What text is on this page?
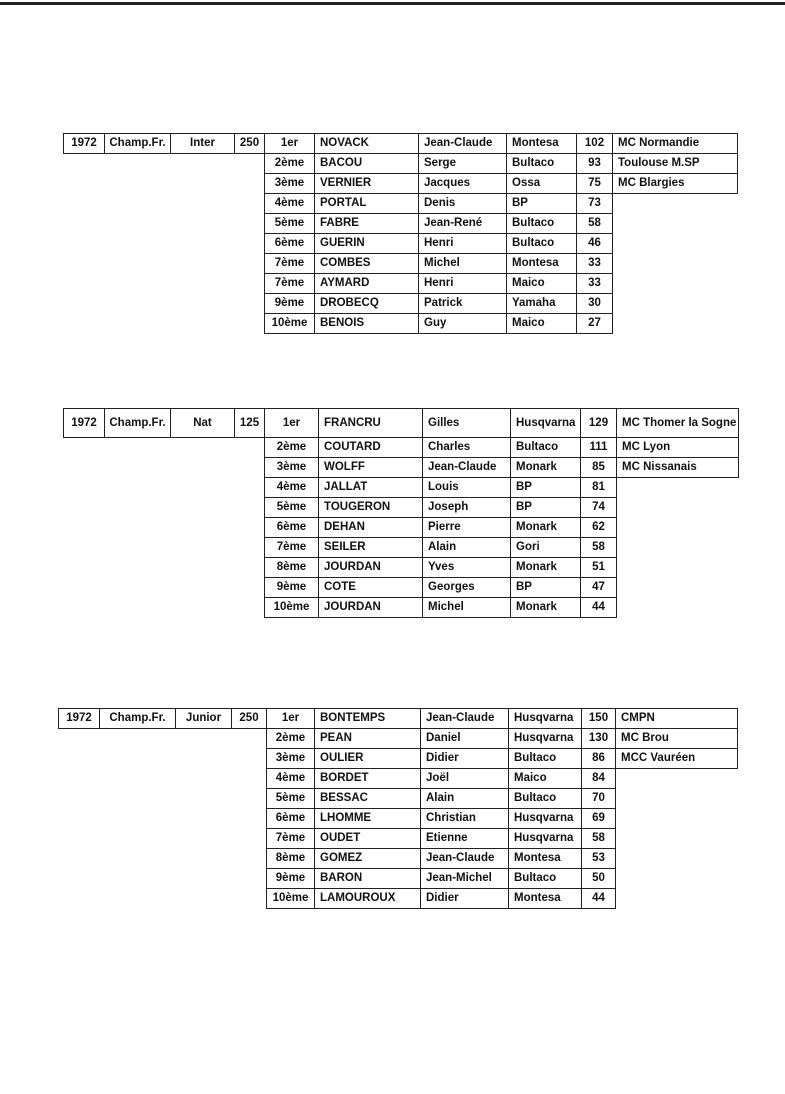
1972	Champ.Fr.	Inter	250	1er	NOVACK	Jean-Claude	Montesa	102	MC Normandie
				2ème	BACOU	Serge	Bultaco	93	Toulouse M.SP
				3ème	VERNIER	Jacques	Ossa	75	MC Blargies
				4ème	PORTAL	Denis	BP	73	
				5ème	FABRE	Jean-René	Bultaco	58	
				6ème	GUERIN	Henri	Bultaco	46	
				7ème	COMBES	Michel	Montesa	33	
				7ème	AYMARD	Henri	Maico	33	
				9ème	DROBECQ	Patrick	Yamaha	30	
				10ème	BENOIS	Guy	Maico	27	
1972	Champ.Fr.	Nat	125	1er	FRANCRU	Gilles	Husqvarna	129	MC Thomer la Sogne
				2ème	COUTARD	Charles	Bultaco	111	MC Lyon
				3ème	WOLFF	Jean-Claude	Monark	85	MC Nissanais
				4ème	JALLAT	Louis	BP	81	
				5ème	TOUGERON	Joseph	BP	74	
				6ème	DEHAN	Pierre	Monark	62	
				7ème	SEILER	Alain	Gori	58	
				8ème	JOURDAN	Yves	Monark	51	
				9ème	COTE	Georges	BP	47	
				10ème	JOURDAN	Michel	Monark	44	
1972	Champ.Fr.	Junior	250	1er	BONTEMPS	Jean-Claude	Husqvarna	150	CMPN
				2ème	PEAN	Daniel	Husqvarna	130	MC Brou
				3ème	OULIER	Didier	Bultaco	86	MCC Vauréen
				4ème	BORDET	Joël	Maico	84	
				5ème	BESSAC	Alain	Bultaco	70	
				6ème	LHOMME	Christian	Husqvarna	69	
				7ème	OUDET	Etienne	Husqvarna	58	
				8ème	GOMEZ	Jean-Claude	Montesa	53	
				9ème	BARON	Jean-Michel	Bultaco	50	
				10ème	LAMOUROUX	Didier	Montesa	44	
